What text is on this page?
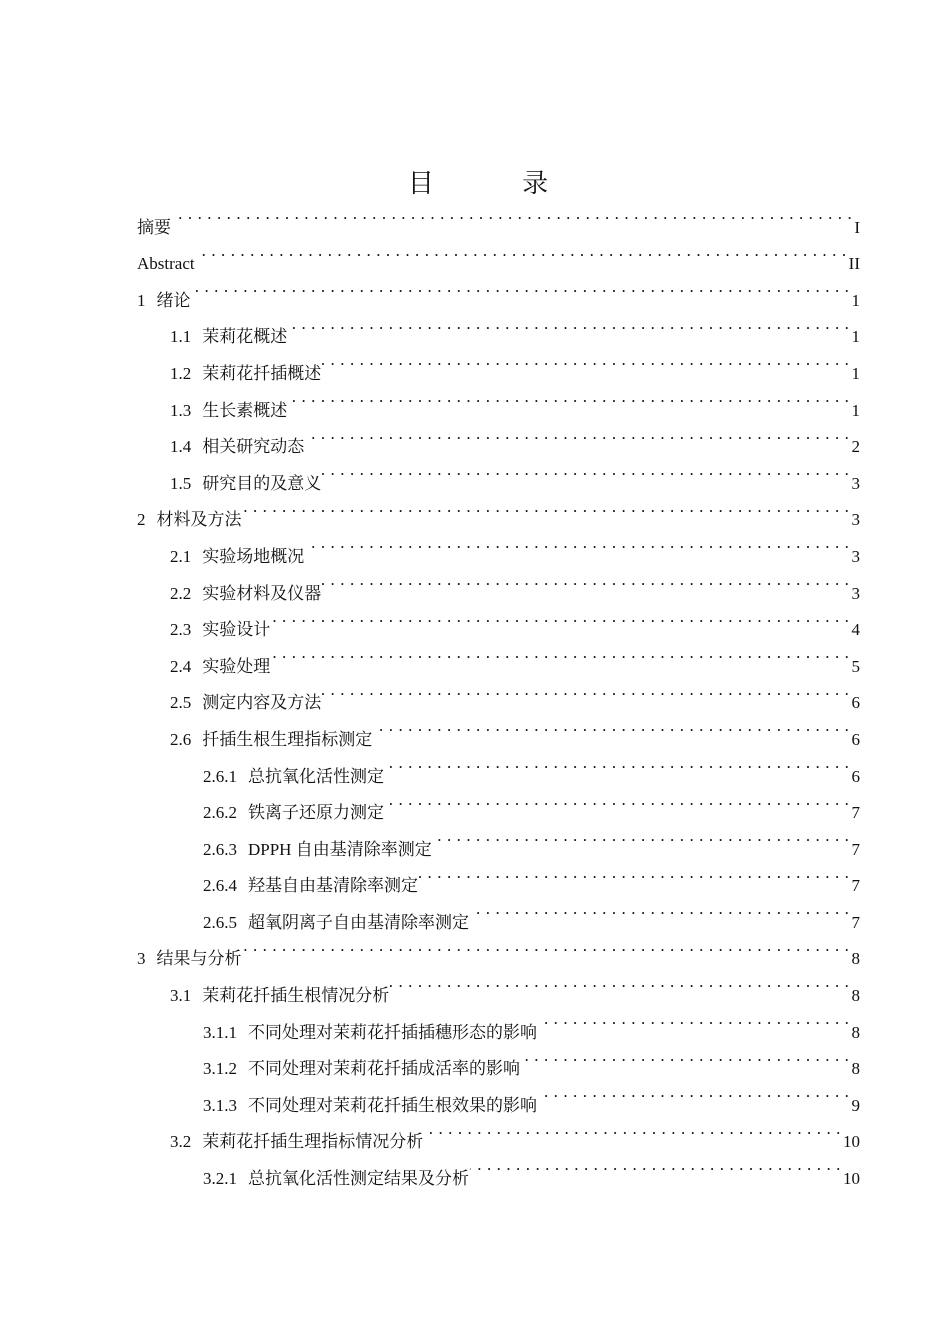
目 录
摘要 . . .	I
Abstract . . .	II
1 绪论 . . .	1
1.1 茉莉花概述 . . .	1
1.2 茉莉花扦插概述 . . .	1
1.3 生长素概述 . . .	1
1.4 相关研究动态 . . .	2
1.5 研究目的及意义 . . .	3
2 材料及方法 . . .	3
2.1 实验场地概况 . . .	3
2.2 实验材料及仪器 . . .	3
2.3 实验设计 . . .	4
2.4 实验处理 . . .	5
2.5 测定内容及方法 . . .	6
2.6 扦插生根生理指标测定 . . .	6
2.6.1 总抗氧化活性测定 . . .	6
2.6.2 铁离子还原力测定 . . .	7
2.6.3 DPPH 自由基清除率测定 . . .	7
2.6.4 羟基自由基清除率测定 . . .	7
2.6.5 超氧阴离子自由基清除率测定 . . .	7
3 结果与分析 . . .	8
3.1 茉莉花扦插生根情况分析 . . .	8
3.1.1 不同处理对茉莉花扦插插穗形态的影响 . . .	8
3.1.2 不同处理对茉莉花扦插成活率的影响 . . .	8
3.1.3 不同处理对茉莉花扦插生根效果的影响 . . .	9
3.2 茉莉花扦插生理指标情况分析 . . .	10
3.2.1 总抗氧化活性测定结果及分析 . . .	10
